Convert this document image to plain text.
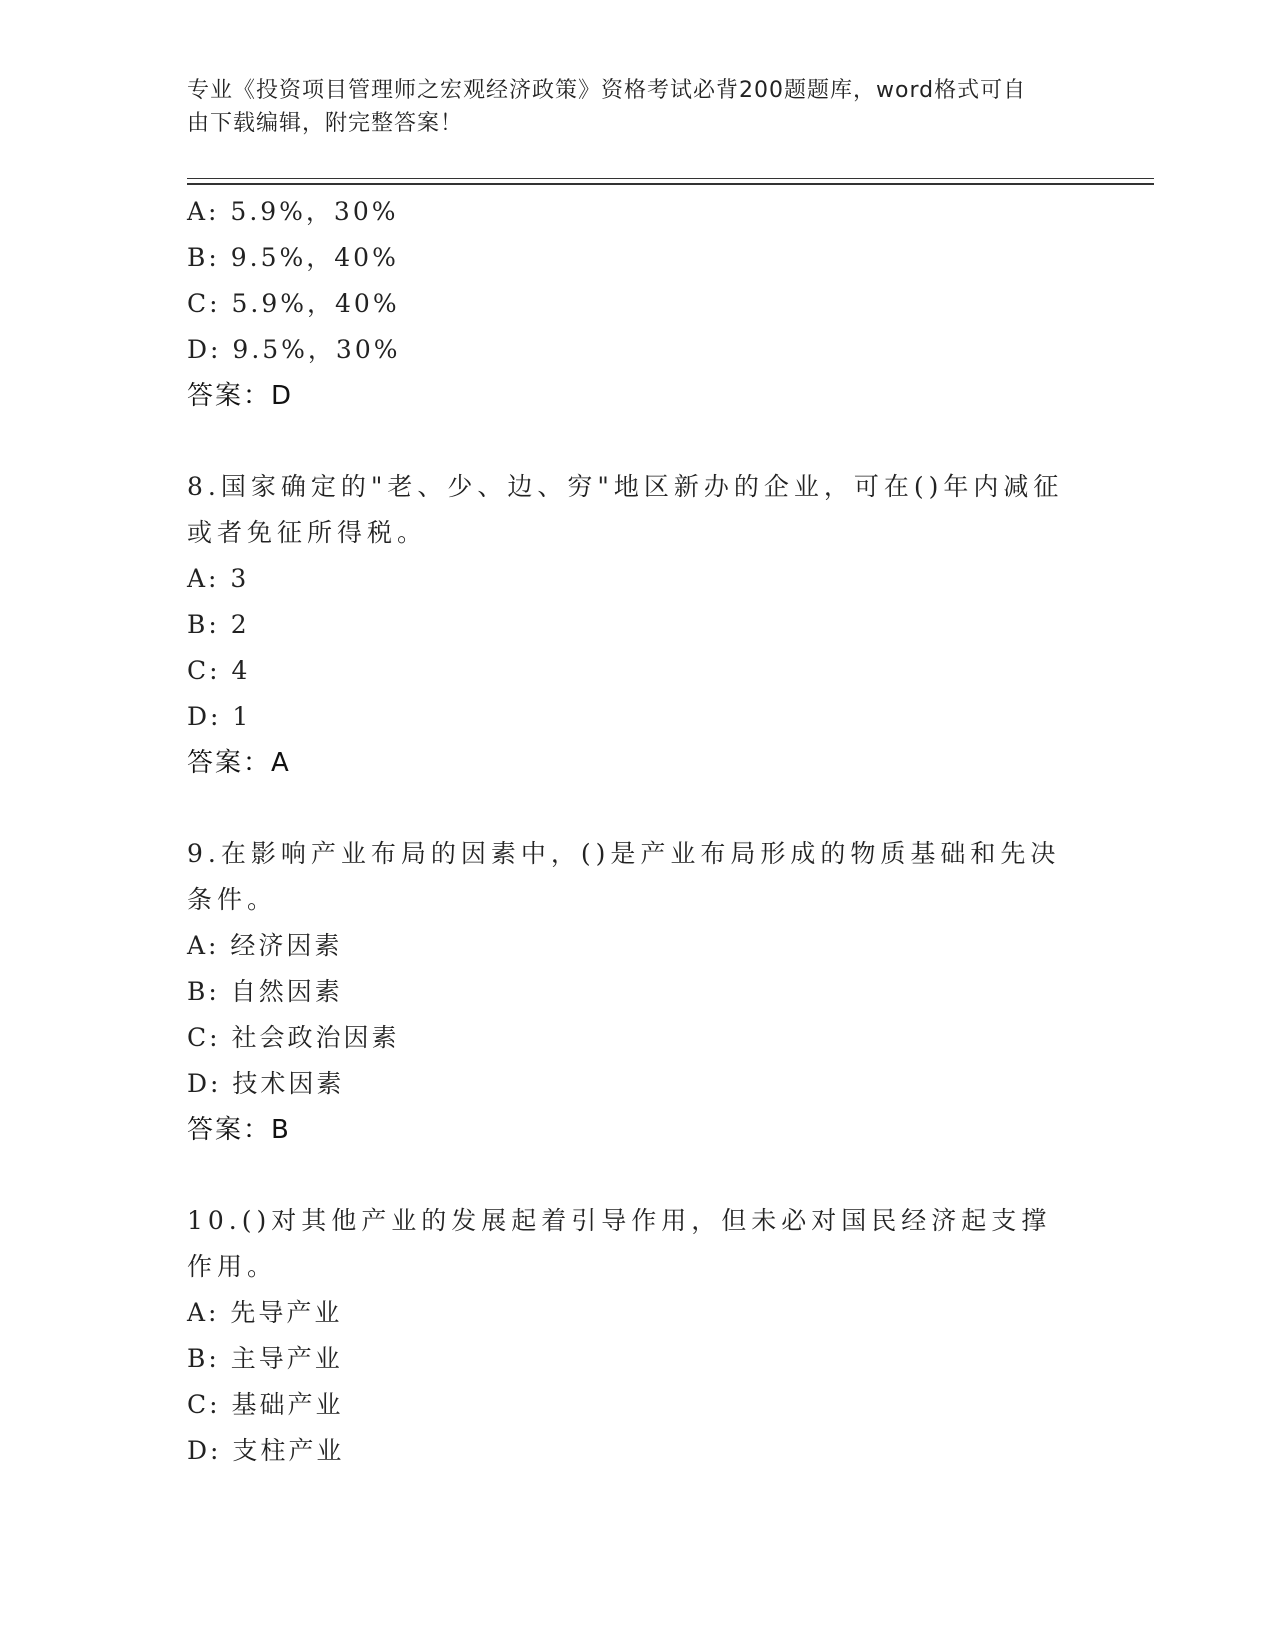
专业《投资项目管理师之宏观经济政策》资格考试必背200题题库，word格式可自由下载编辑，附完整答案！
A: 5.9%，30%
B: 9.5%，40%
C: 5.9%，40%
D: 9.5%，30%
答案：D
8.国家确定的"老、少、边、穷"地区新办的企业，可在()年内减征或者免征所得税。
A: 3
B: 2
C: 4
D: 1
答案：A
9.在影响产业布局的因素中，()是产业布局形成的物质基础和先决条件。
A: 经济因素
B: 自然因素
C: 社会政治因素
D: 技术因素
答案：B
10.()对其他产业的发展起着引导作用，但未必对国民经济起支撑作用。
A: 先导产业
B: 主导产业
C: 基础产业
D: 支柱产业
